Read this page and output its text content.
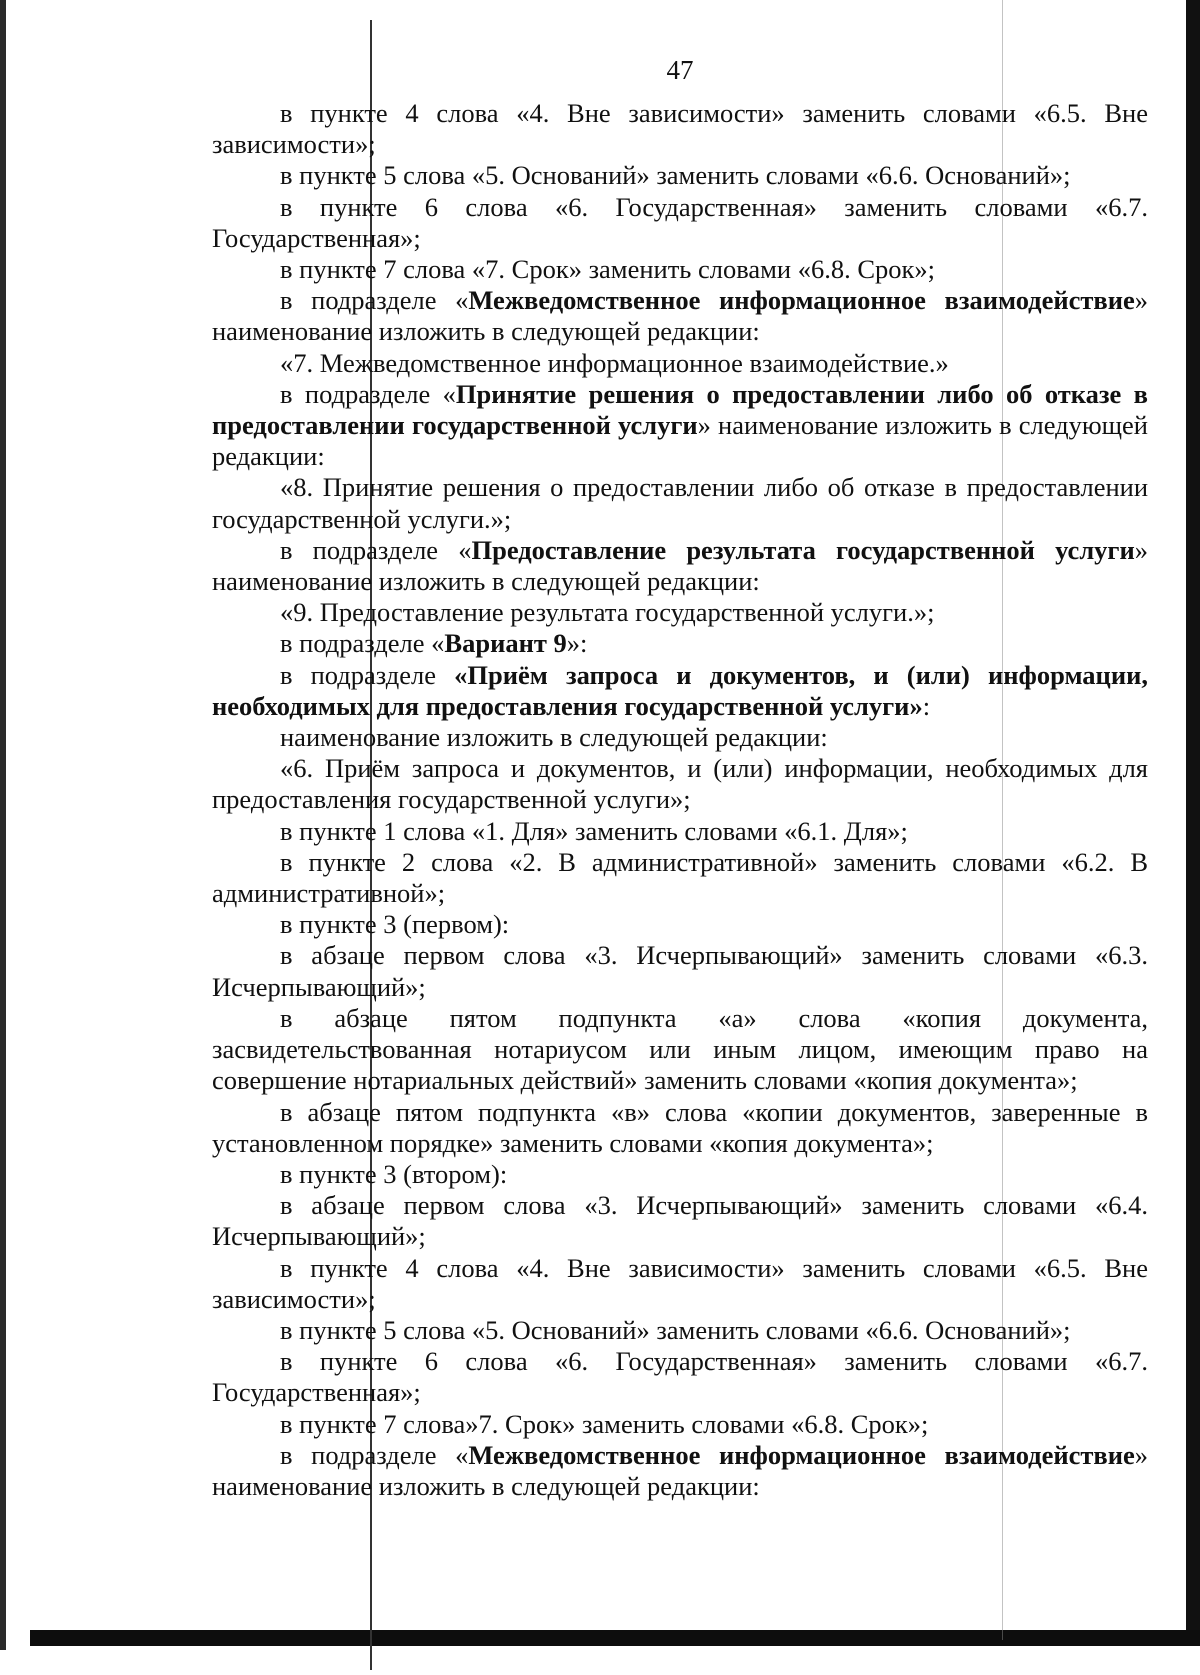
47

в пункте 4 слова «4. Вне зависимости» заменить словами «6.5. Вне зависимости»;

в пункте 5 слова «5. Оснований» заменить словами «6.6. Оснований»;

в пункте 6 слова «6. Государственная» заменить словами «6.7. Государственная»;

в пункте 7 слова «7. Срок» заменить словами «6.8. Срок»;

в подразделе «Межведомственное информационное взаимодействие» наименование изложить в следующей редакции:

«7. Межведомственное информационное взаимодействие.»

в подразделе «Принятие решения о предоставлении либо об отказе в предоставлении государственной услуги» наименование изложить в следующей редакции:

«8. Принятие решения о предоставлении либо об отказе в предоставлении государственной услуги.»;

в подразделе «Предоставление результата государственной услуги» наименование изложить в следующей редакции:

«9. Предоставление результата государственной услуги.»;

в подразделе «Вариант 9»:

в подразделе «Приём запроса и документов, и (или) информации, необходимых для предоставления государственной услуги»:

наименование изложить в следующей редакции:

«6. Приём запроса и документов, и (или) информации, необходимых для предоставления государственной услуги»;

в пункте 1 слова «1. Для» заменить словами «6.1. Для»;

в пункте 2 слова «2. В административной» заменить словами «6.2. В административной»;

в пункте 3 (первом):

в абзаце первом слова «3. Исчерпывающий» заменить словами «6.3. Исчерпывающий»;

в абзаце пятом подпункта «а» слова «копия документа, засвидетельствованная нотариусом или иным лицом, имеющим право на совершение нотариальных действий» заменить словами «копия документа»;

в абзаце пятом подпункта «в» слова «копии документов, заверенные в установленном порядке» заменить словами «копия документа»;

в пункте 3 (втором):

в абзаце первом слова «3. Исчерпывающий» заменить словами «6.4. Исчерпывающий»;

в пункте 4 слова «4. Вне зависимости» заменить словами «6.5. Вне зависимости»;

в пункте 5 слова «5. Оснований» заменить словами «6.6. Оснований»;

в пункте 6 слова «6. Государственная» заменить словами «6.7. Государственная»;

в пункте 7 слова»7. Срок» заменить словами «6.8. Срок»;

в подразделе «Межведомственное информационное взаимодействие» наименование изложить в следующей редакции:
